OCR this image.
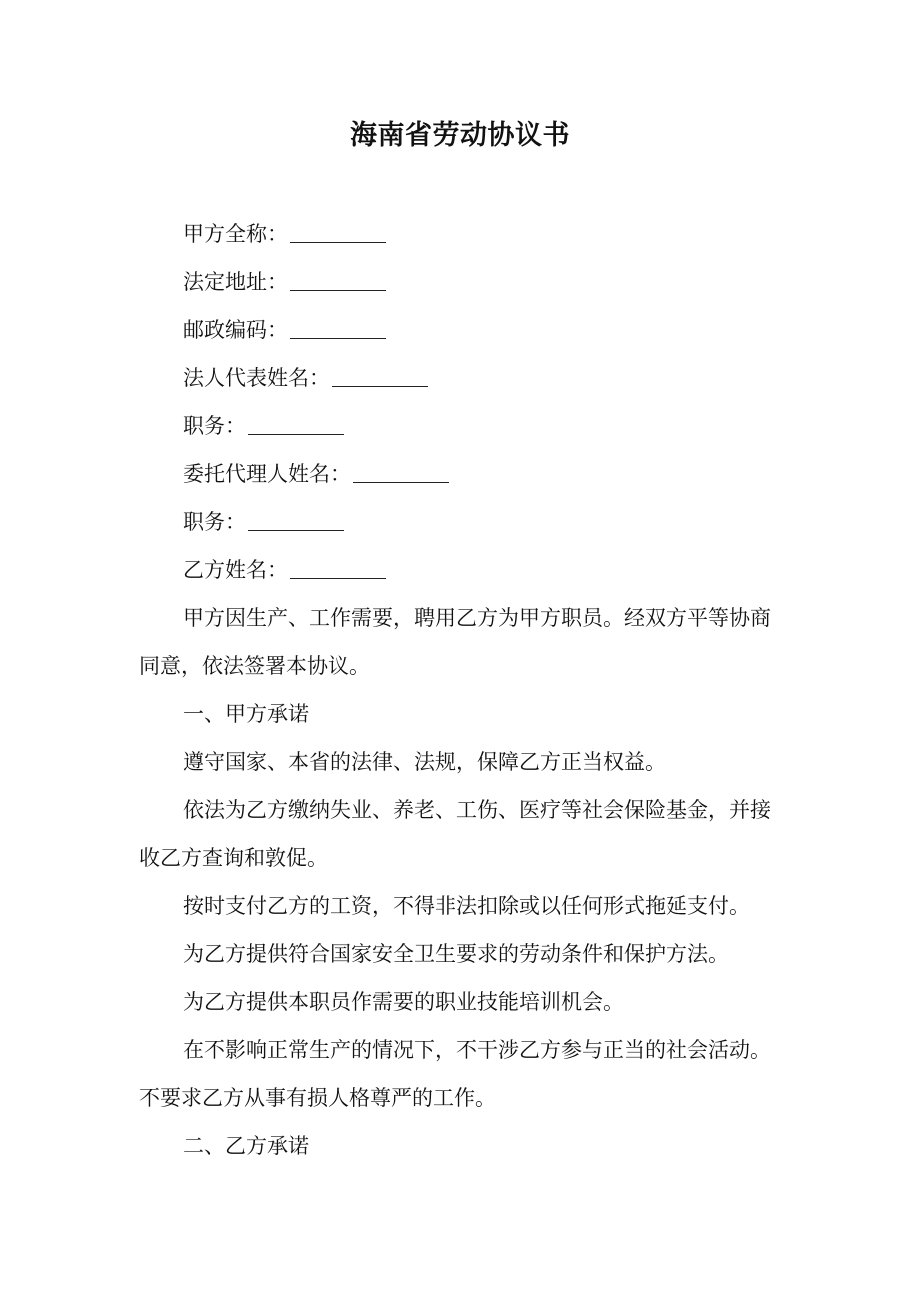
海南省劳动协议书
甲方全称：
法定地址：
邮政编码：
法人代表姓名：
职务：
委托代理人姓名：
职务：
乙方姓名：
甲方因生产、工作需要，聘用乙方为甲方职员。经双方平等协商
同意，依法签署本协议。
一、甲方承诺
遵守国家、本省的法律、法规，保障乙方正当权益。
依法为乙方缴纳失业、养老、工伤、医疗等社会保险基金，并接
收乙方查询和敦促。
按时支付乙方的工资，不得非法扣除或以任何形式拖延支付。
为乙方提供符合国家安全卫生要求的劳动条件和保护方法。
为乙方提供本职员作需要的职业技能培训机会。
在不影响正常生产的情况下，不干涉乙方参与正当的社会活动。
不要求乙方从事有损人格尊严的工作。
二、乙方承诺
